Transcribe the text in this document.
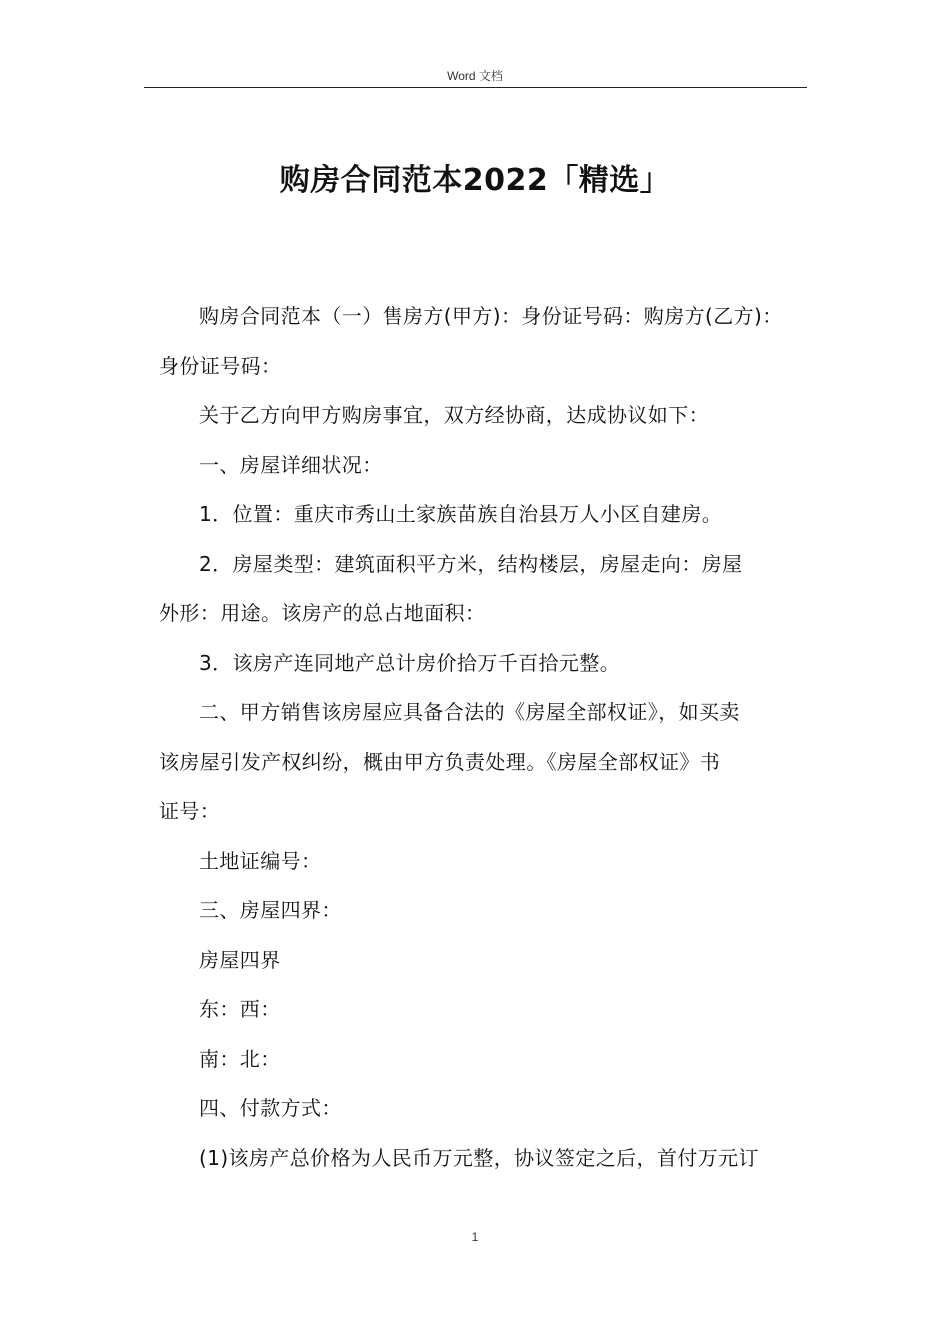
Word 文档
购房合同范本2022「精选」

购房合同范本（一）售房方(甲方)：身份证号码：购房方(乙方)：
身份证号码：

关于乙方向甲方购房事宜，双方经协商，达成协议如下：

一、房屋详细状况：

1．位置：重庆市秀山土家族苗族自治县万人小区自建房。

2．房屋类型：建筑面积平方米，结构楼层，房屋走向：房屋
外形：用途。该房产的总占地面积：

3．该房产连同地产总计房价拾万千百拾元整。

二、甲方销售该房屋应具备合法的《房屋全部权证》，如买卖
该房屋引发产权纠纷，概由甲方负责处理。《房屋全部权证》书
证号：

土地证编号：

三、房屋四界：

房屋四界

东：西：

南：北：

四、付款方式：

(1)该房产总价格为人民币万元整，协议签定之后，首付万元订

1
